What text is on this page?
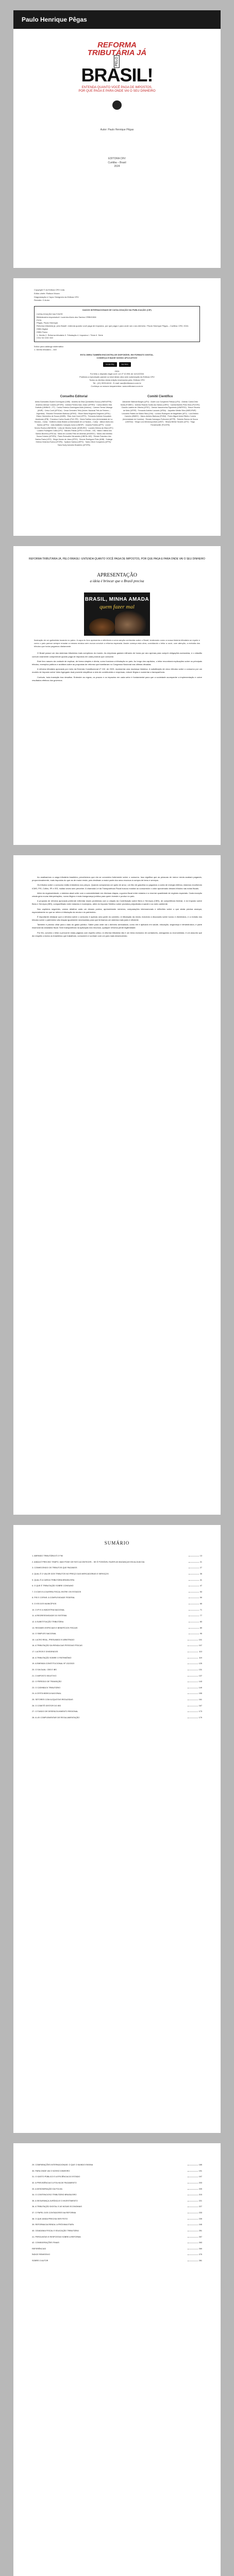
Paulo Henrique Pêgas
REFORMA TRIBUTÁRIA JÁ
PELOBRASIL!
ENTENDA QUANTO VOCÊ PAGA DE IMPOSTOS, POR QUE PAGA E PARA ONDE VAI O SEU DINHEIRO
Autor: Paulo Henrique Pêgas
EDITORA CRV
Curitiba – Brasil
2024
Copyright © da Editora CRV Ltda.
Editor-chefe: Railson Moura
Diagramação e Capa: Designers da Editora CRV
Revisão: O Autor
DADOS INTERNACIONAIS DE CATALOGAÇÃO NA PUBLICAÇÃO (CIP)
CATALOGAÇÃO NA FONTE
Bibliotecária responsável: Luzenira Alves dos Santos CRB9/1506
P376
Pêgas, Paulo Henrique.
Reforma tributária já, pelo Brasil!: entenda quanto você paga de impostos, por que paga e para onde vai o seu dinheiro / Paulo Henrique Pêgas – Curitiba: CRV, 2024.
ISBN Digital
ISBN Físico
1. Direito 2. Reforma tributária 3. Tributação 4. Impostos I. Título II. Série
CDU 34 CDD 340
Índice para catálogo sistemático
1. Direito tributário – 340
ESTA OBRA TAMBÉM ENCONTRA-SE DISPONÍVEL EM FORMATO DIGITAL.
CONHEÇA E BAIXE NOSSO APLICATIVO!
Google Play	App Store
2024
Foi feito o depósito legal conf. Lei nº 10.994 de 14/12/2004
Proibida a reprodução parcial ou total desta obra sem autorização da Editora CRV
Todos os direitos desta edição reservados pela: Editora CRV
Tel.: (41) 3039-6418 - E-mail: sac@editoracrv.com.br
Conheça os nossos lançamentos: www.editoracrv.com.br
Conselho Editorial
Aldira Guimarães Duarte Domínguez (UNB) · Andréia da Silva Quintanilha Sousa (UNIR/UFRN) · Anselmo Alencar Colares (UFOPA) · Antônio Pereira Gaio Júnior (UFRRJ) · Carlos Alberto Vilar Estêvão (UMINHO – PT) · Carlos Federico Dominguez Avila (Unieuro) · Carmen Tereza Velanga (UNIR) · Celso Conti (UFSCar) · Cesar Gerónimo Tello (Univer. Nacional Três de Febrero – Argentina) · Eduardo Fernandes Barbosa (UFMG) · Elione Maria Nogueira Diogenes (UFAL) · Elizeu Clementino de Souza (UNEB) · Élsio José Corá (UFFS) · Fernando Antônio Gonçalves Alcoforado (IPB) · Francisco Carlos Duarte (PUC-PR) · Gloria Fariñas León (Universidade de La Havana – Cuba) · Guillermo Arias Beatón (Universidade de La Havana – Cuba) · Jailson Alves dos Santos (UFRJ) · João Adalberto Campato Junior (UNESP) · Josania Portela (UFPI) · Leonel Severo Rocha (UNISINOS) · Lídia de Oliveira Xavier (UNIEURO) · Lourdes Helena da Silva (UFV) · Luciano Rodrigues Costa (UFV) · Marcelo Paixão (UFRJ e UTexas – US) · Maria Cristina dos Santos Bezerra (UFSCar) · Maria de Lourdes Pinto de Almeida (UNOESC) · Maria Lília Imbiriba Sousa Colares (UFOPA) · Paulo Romualdo Hernandes (UNIFAL-MG) · Renato Francisco dos Santos Paula (UFG) · Sérgio Nunes de Jesus (IFRO) · Simone Rodrigues Pinto (UNB) · Solange Helena Ximenes-Rocha (UFOPA) · Sydione Santos (UEPG) · Tadeu Oliver Gonçalves (UFPA) · Tania Suely Azevedo Brasileiro (UFOPA)
Comitê Científico
Alexandre Walmott Borges (UFU) · André Luiz Gonçalves Feitosa (UFU) · Antônio Carlos Diniz Murta (FUMEC) · Antônio Ricardo Surita dos Santos (UERJ) · Camila Barreto Pinto Silva (PUC/RJ) · Claudio Ladeira de Oliveira (UFSC) · Denise Vasconcelos Figueiredo (UNIFESO) · Edson Teixeira de Melo (UFRR) · Fernando Antônio Lazzarin (UFBA) · Jaqueline Mielke Silva (IMED/FMP) · Leonardo Rabelo de Matos Silva (UVA) · Luciano Rodrigues de Magalhães (UFV) · Luis Antônio Carneiro (IBMEC) · Marco Antônio Barbosa (FDSM) · Pedro Miguel Alves Ribeiro Correia (Universidade de Coimbra) · Renata Camargos Poltronieri (UFPR) · Roberto Ramos de Souza (UNITAU) · Sérgio Luís Mendonça Alves (UNIT) · Silvana Beline Tavares (UFG) · Tiago Fensterseifer (PUC/RS)
REFORMA TRIBUTÁRIA JÁ, PELO BRASIL!: ENTENDA QUANTO VOCÊ PAGA DE IMPOSTOS, POR QUE PAGA E PARA ONDE VAI O SEU DINHEIRO
APRESENTAÇÃO
a ideia é brincar que o Brasil precisa
BRASIL, MINHA AMADA
quem fazer mal
Ilustração de um guitarrista tocando no palco. A capa do livro apresenta a referência a uma canção conhecida sobre o Brasil, lembrando como a nossa história tributária se repete e como o país parece sempre ensaiar a mesma música sem nunca concluir a reforma esperada. Assim começa esta obra, convidando o leitor a ouvir, com atenção, a melodia dos tributos que todos pagamos diariamente.

O Brasil possui um dos sistemas tributários mais complexos do mundo. As empresas gastam milhares de horas por ano apenas para cumprir obrigações acessórias, e o cidadão comum raramente compreende quanto paga de impostos em cada produto que consome.

Este livro nasceu da vontade de explicar, de forma simples e direta, como funciona a tributação no país. Ao longo dos capítulos, o leitor encontrará explicações sobre os principais tributos, exemplos práticos e análises sobre as propostas de reforma que tramitaram no Congresso Nacional nas últimas décadas.

A reforma tributária aprovada por meio da Emenda Constitucional nº 132, de 2023, representa uma mudança histórica. A substituição de cinco tributos sobre o consumo por um modelo de Imposto sobre Valor Agregado dual promete simplificar a vida de contribuintes e empresas, reduzir litígios e aumentar a transparência.

Contudo, toda transição traz desafios. Entender as regras, os prazos e os impactos em cada setor é fundamental para que a sociedade acompanhe a implementação e cobre resultados efetivos dos governos.

Ao analisarmos a carga tributária brasileira, percebemos que ela se concentra fortemente sobre o consumo. Isso significa que as pessoas de menor renda acabam pagando, proporcionalmente, mais impostos do que as de maior renda, pois destinam a maior parte dos seus recursos à compra de bens e serviços.

Os tributos sobre o consumo estão embutidos nos preços. Quando compramos um quilo de arroz, um litro de gasolina ou pagamos a conta de energia elétrica, estamos recolhendo ICMS, PIS, Cofins, IPI e ISS, muitas vezes sem perceber. A chamada Lei da Transparência Fiscal buscou mostrar ao consumidor o valor aproximado desses tributos nas notas fiscais.

Além da regressividade, o sistema atual sofre com a cumulatividade em diversas etapas, a guerra fiscal entre estados e a enorme quantidade de regimes especiais. Cada exceção criada gera novas interpretações, novos litígios e mais insegurança jurídica para quem investe e produz no país.

A proposta de reforma aprovada pretende enfrentar esses problemas com a criação da Contribuição sobre Bens e Serviços (CBS), de competência federal, e do Imposto sobre Bens e Serviços (IBS), compartilhado entre estados e municípios, além do Imposto Seletivo sobre produtos prejudiciais à saúde e ao meio ambiente.

Nos capítulos seguintes, vamos detalhar cada um desses pontos, apresentando números, comparações internacionais e reflexões sobre o que ainda precisa avançar, especialmente no que se refere à tributação da renda e do patrimônio.

É importante destacar que a reforma sobre o consumo é apenas uma parte do caminho. A tributação da renda, incluindo a discussão sobre lucros e dividendos, e a revisão dos tributos sobre o patrimônio são etapas igualmente necessárias para que tenhamos um sistema mais justo e eficiente.

Também é preciso olhar para o lado do gasto público. Saber para onde vai o dinheiro arrecadado, como ele é aplicado em saúde, educação, segurança e infraestrutura, é parte essencial da cidadania fiscal. Sem transparência na aplicação dos recursos, qualquer reforma perde legitimidade.

Por fim, convido o leitor a percorrer estas páginas com espírito crítico. A reforma tributária não é um tema exclusivo de contadores, advogados ou economistas; é um assunto que diz respeito a todos os brasileiros que trabalham, consomem e sonham com um país mais desenvolvido.

SUMÁRIO
1. ABRINDO TRIBUTÁRIA É O FIM	13
2. AINDA É PRECISO TEMPO, MAS PODE DE FATO ACONTECER... SE É POSSÍVEL FAZER AS MUDANÇAS EM ALGUM DIA	21
3. CONHECENDO OS TRIBUTOS QUE PAGAMOS	27
4. QUAL É O VALOR DOS TRIBUTOS NO PREÇO DAS MERCADORIAS E SERVIÇOS	35
5. QUAL É A CARGA TRIBUTÁRIA BRASILEIRA	41
6. O QUE É TRIBUTAÇÃO SOBRE CONSUMO	47
7. O ICMS E A GUERRA FISCAL ENTRE OS ESTADOS	53
8. PIS E COFINS: A COMPLEXIDADE FEDERAL	59
9. O ISS DOS MUNICÍPIOS	65
10. O IPI E A INDÚSTRIA NACIONAL	71
11. A REGRESSIVIDADE DO SISTEMA	77
12. A SUBSTITUIÇÃO TRIBUTÁRIA	83
13. REGIMES ESPECIAIS E BENEFÍCIOS FISCAIS	89
14. O SIMPLES NACIONAL	95
15. LUCRO REAL, PRESUMIDO E ARBITRADO	101
16. A TRIBUTAÇÃO DA RENDA DAS PESSOAS FÍSICAS	107
17. LUCROS E DIVIDENDOS	113
18. A TRIBUTAÇÃO SOBRE O PATRIMÔNIO	119
19. A EMENDA CONSTITUCIONAL Nº 132/2023	125
20. O IVA DUAL: CBS E IBS	131
21. O IMPOSTO SELETIVO	137
22. O PERÍODO DE TRANSIÇÃO	143
23. O CASHBACK TRIBUTÁRIO	149
24. A CESTA BÁSICA NACIONAL	155
25. SETORES COM ALÍQUOTAS REDUZIDAS	161
26. O COMITÊ GESTOR DO IBS	167
27. O FUNDO DE DESENVOLVIMENTO REGIONAL	173
28. A LEI COMPLEMENTAR DE REGULAMENTAÇÃO	179
29. COMPARAÇÕES INTERNACIONAIS: O QUE O MUNDO ENSINA	185
30. PARA ONDE VAI O NOSSO DINHEIRO	191
31. O GASTO PÚBLICO E A EFICIÊNCIA DO ESTADO	197
32. A PREVIDÊNCIA E A FOLHA DE PAGAMENTO	203
33. A DESONERAÇÃO DA FOLHA	209
34. O CONTENCIOSO TRIBUTÁRIO BRASILEIRO	215
35. A SEGURANÇA JURÍDICA E O INVESTIMENTO	221
36. A TRIBUTAÇÃO DIGITAL E AS NOVAS ECONOMIAS	227
37. O PAPEL DOS CONTADORES NA REFORMA	233
38. O QUE AINDA PRECISA SER FEITO	239
39. REFORMA DA RENDA: A PRÓXIMA ETAPA	245
40. CIDADANIA FISCAL E EDUCAÇÃO TRIBUTÁRIA	251
41. PERGUNTAS E RESPOSTAS SOBRE A REFORMA	257
42. CONSIDERAÇÕES FINAIS	263
REFERÊNCIAS	269
ÍNDICE REMISSIVO	275
SOBRE O AUTOR	281
